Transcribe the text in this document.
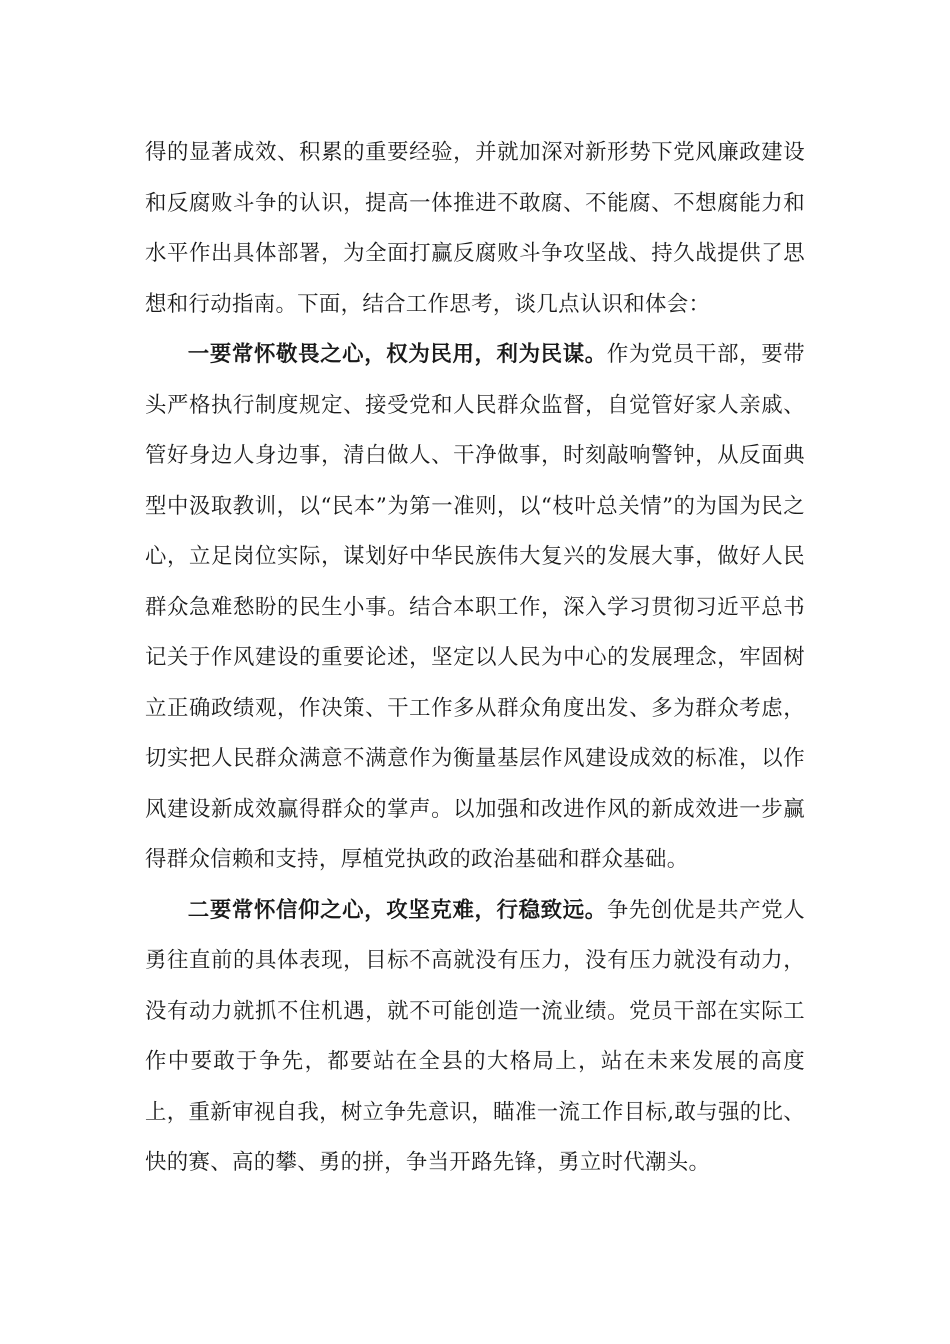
得的显著成效、积累的重要经验，并就加深对新形势下党风廉政建设和反腐败斗争的认识，提高一体推进不敢腐、不能腐、不想腐能力和水平作出具体部署，为全面打赢反腐败斗争攻坚战、持久战提供了思想和行动指南。下面，结合工作思考，谈几点认识和体会：

一要常怀敬畏之心，权为民用，利为民谋。作为党员干部，要带头严格执行制度规定、接受党和人民群众监督，自觉管好家人亲戚、管好身边人身边事，清白做人、干净做事，时刻敲响警钟，从反面典型中汲取教训，以“民本”为第一准则，以“枝叶总关情”的为国为民之心，立足岗位实际，谋划好中华民族伟大复兴的发展大事，做好人民群众急难愁盼的民生小事。结合本职工作，深入学习贯彻习近平总书记关于作风建设的重要论述，坚定以人民为中心的发展理念，牢固树立正确政绩观，作决策、干工作多从群众角度出发、多为群众考虑，切实把人民群众满意不满意作为衡量基层作风建设成效的标准，以作风建设新成效赢得群众的掌声。以加强和改进作风的新成效进一步赢得群众信赖和支持，厚植党执政的政治基础和群众基础。

二要常怀信仰之心，攻坚克难，行稳致远。争先创优是共产党人勇往直前的具体表现，目标不高就没有压力，没有压力就没有动力，没有动力就抓不住机遇，就不可能创造一流业绩。党员干部在实际工作中要敢于争先，都要站在全县的大格局上，站在未来发展的高度上，重新审视自我，树立争先意识，瞄准一流工作目标,敢与强的比、快的赛、高的攀、勇的拼，争当开路先锋，勇立时代潮头。
